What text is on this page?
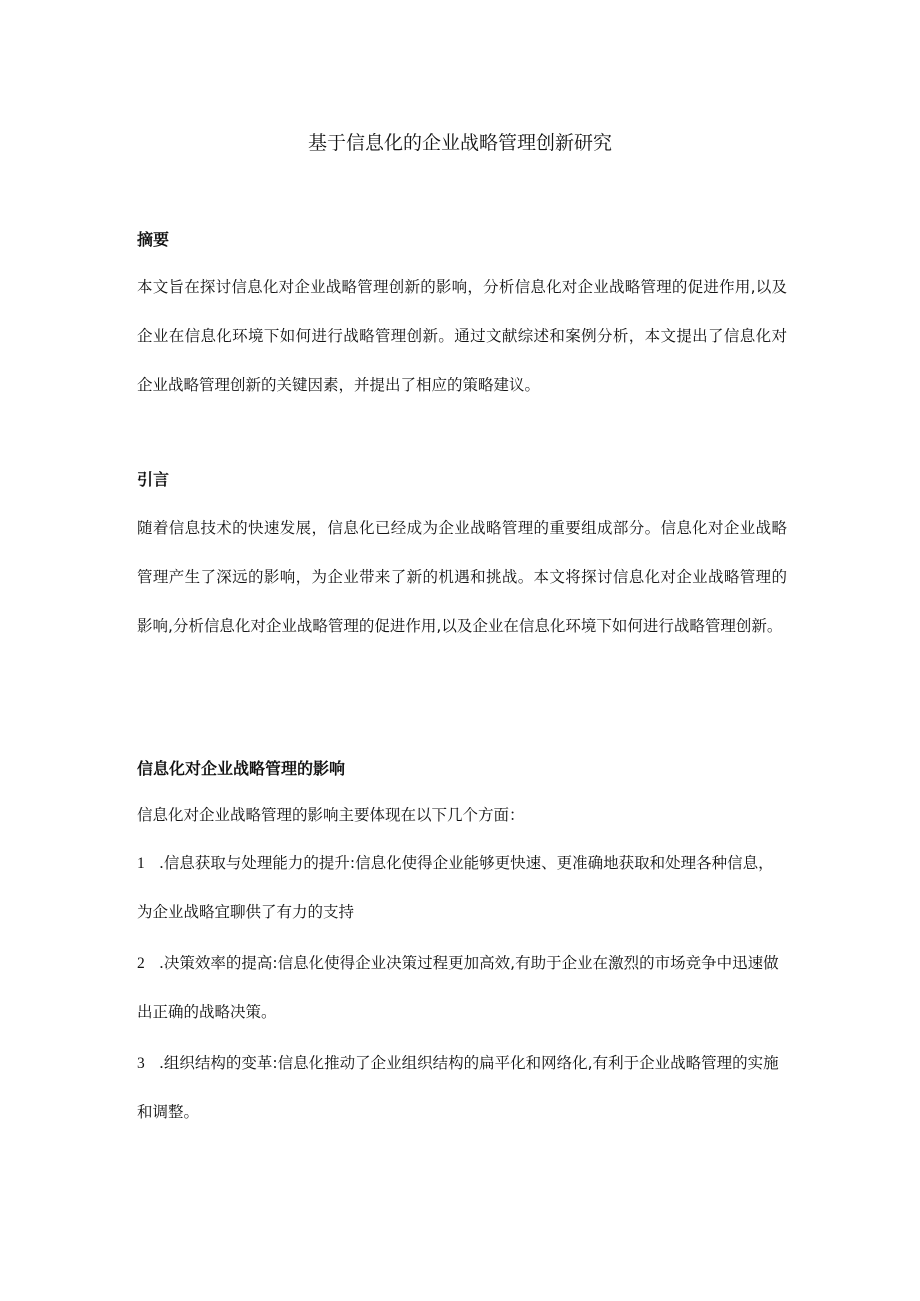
基于信息化的企业战略管理创新研究
摘要

本文旨在探讨信息化对企业战略管理创新的影响，分析信息化对企业战略管理的促进作用,以及企业在信息化环境下如何进行战略管理创新。通过文献综述和案例分析，本文提出了信息化对企业战略管理创新的关键因素，并提出了相应的策略建议。

引言

随着信息技术的快速发展，信息化已经成为企业战略管理的重要组成部分。信息化对企业战略管理产生了深远的影响，为企业带来了新的机遇和挑战。本文将探讨信息化对企业战略管理的影响,分析信息化对企业战略管理的促进作用,以及企业在信息化环境下如何进行战略管理创新。

信息化对企业战略管理的影响

信息化对企业战略管理的影响主要体现在以下几个方面：

1 .信息获取与处理能力的提升:信息化使得企业能够更快速、更准确地获取和处理各种信息，为企业战略宜聊供了有力的支持

2 .决策效率的提高:信息化使得企业决策过程更加高效,有助于企业在激烈的市场竞争中迅速做出正确的战略决策。

3 .组织结构的变革:信息化推动了企业组织结构的扁平化和网络化,有利于企业战略管理的实施和调整。
